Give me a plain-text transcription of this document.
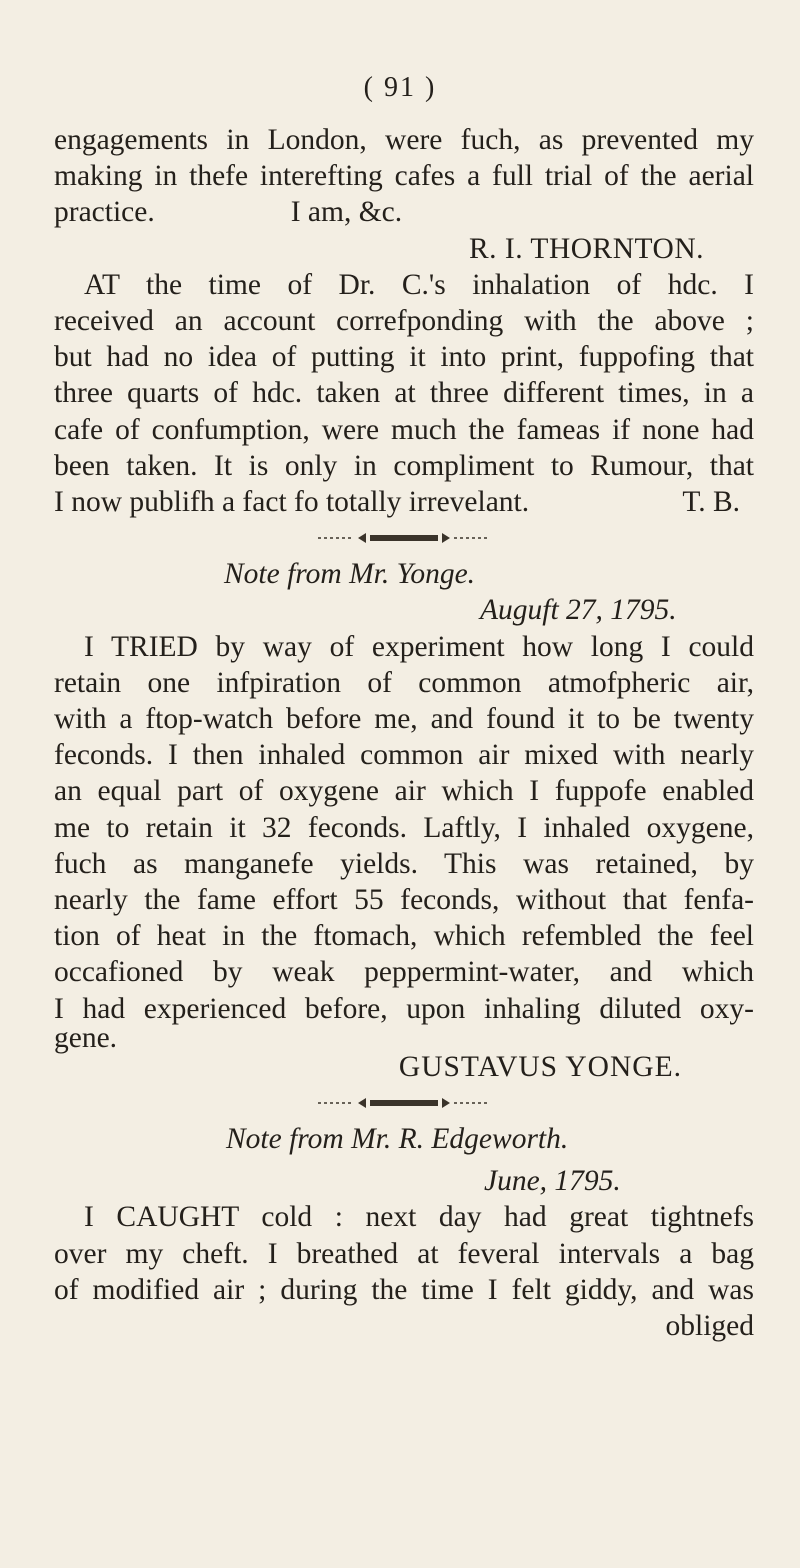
( 91 )
engagements in London, were fuch, as prevented my
making in thefe interefting cafes a full trial of the aerial
practice.	I am, &c.
R. I. THORNTON.
AT the time of Dr. C.'s inhalation of hdc. I
received an account correfponding with the above ;
but had no idea of putting it into print, fuppofing that
three quarts of hdc. taken at three different times, in a
cafe of confumption, were much the fameas if none had
been taken. It is only in compliment to Rumour, that
I now publifh a fact fo totally irrevelant.	T. B.
Note from Mr. Yonge.
Auguft 27, 1795.
I TRIED by way of experiment how long I could
retain one infpiration of common atmofpheric air,
with a ftop-watch before me, and found it to be twenty
feconds. I then inhaled common air mixed with nearly
an equal part of oxygene air which I fuppofe enabled
me to retain it 32 feconds. Laftly, I inhaled oxygene,
fuch as manganefe yields. This was retained, by
nearly the fame effort 55 feconds, without that fenfa-
tion of heat in the ftomach, which refembled the feel
occafioned by weak peppermint-water, and which
I had experienced before, upon inhaling diluted oxy-
gene.
GUSTAVUS YONGE.
Note from Mr. R. Edgeworth.
June, 1795.
I CAUGHT cold : next day had great tightnefs
over my cheft. I breathed at feveral intervals a bag
of modified air ; during the time I felt giddy, and was
obliged
